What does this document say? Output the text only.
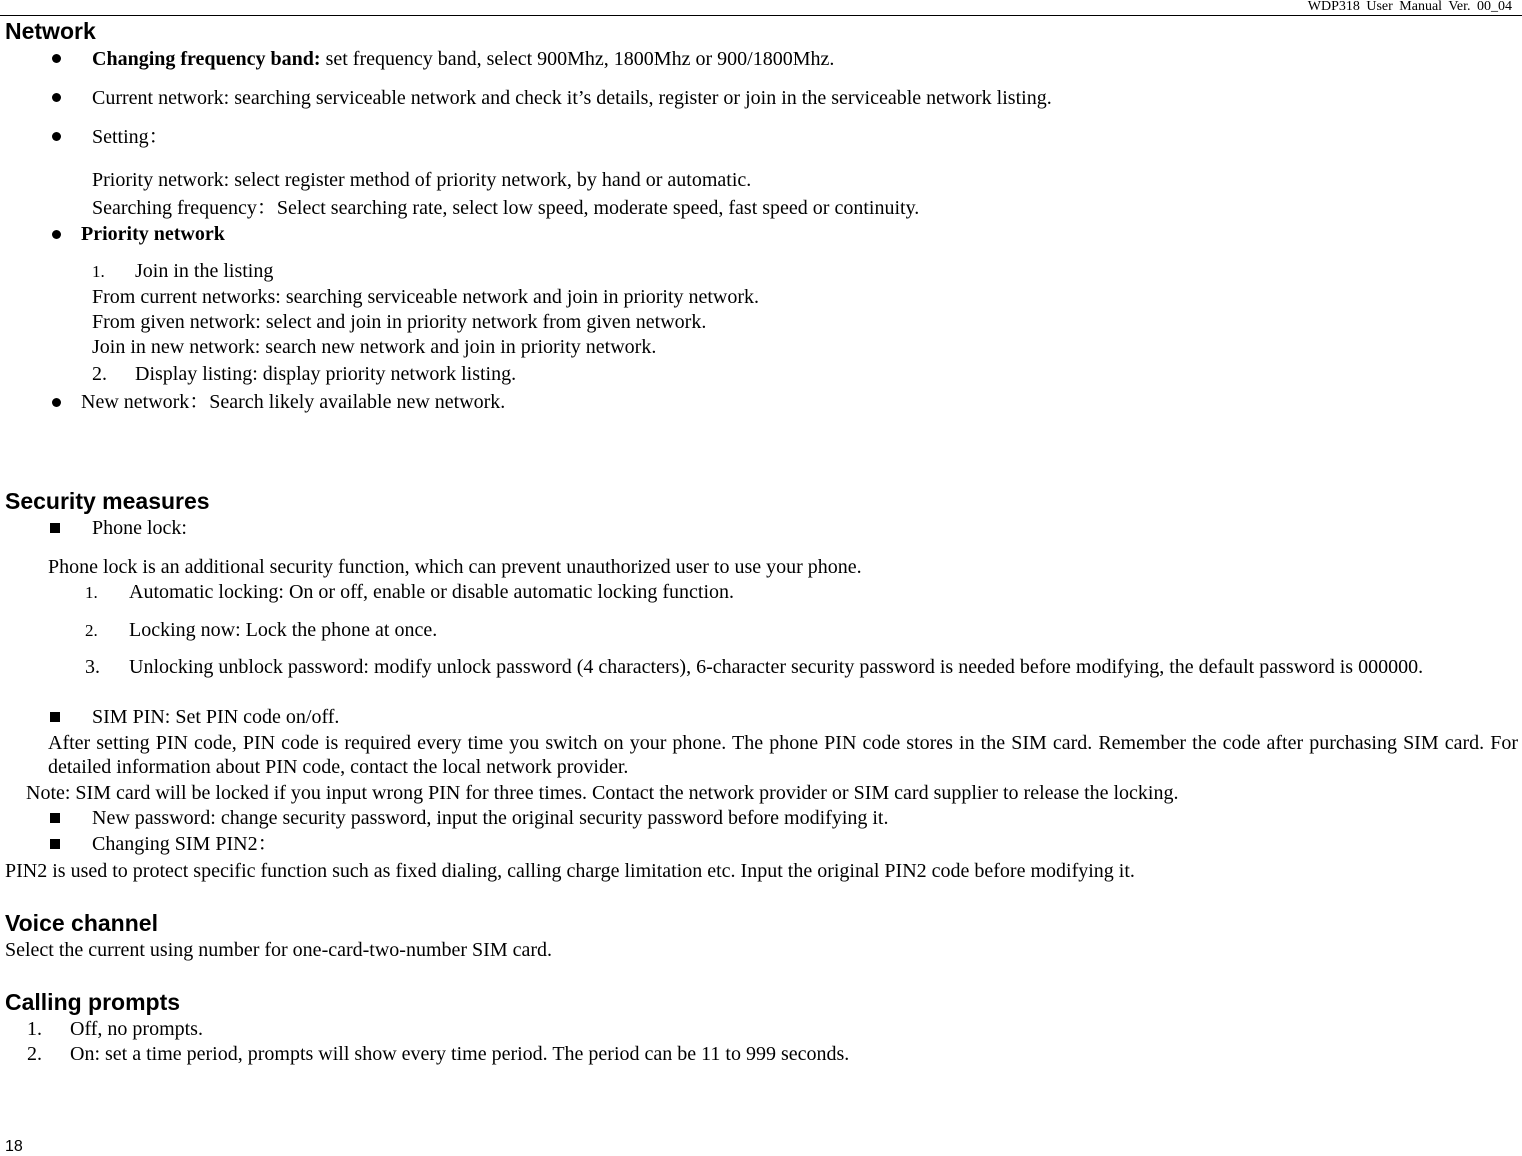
WDP318 User Manual Ver. 00_04
Network
Changing frequency band: set frequency band, select 900Mhz, 1800Mhz or 900/1800Mhz.
Current network: searching serviceable network and check it’s details, register or join in the serviceable network listing.
Setting：
Priority network: select register method of priority network, by hand or automatic.
Searching frequency：Select searching rate, select low speed, moderate speed, fast speed or continuity.
Priority network
1. Join in the listing
From current networks: searching serviceable network and join in priority network.
From given network: select and join in priority network from given network.
Join in new network: search new network and join in priority network.
2. Display listing: display priority network listing.
New network：Search likely available new network.
Security measures
Phone lock:
Phone lock is an additional security function, which can prevent unauthorized user to use your phone.
1. Automatic locking: On or off, enable or disable automatic locking function.
2. Locking now: Lock the phone at once.
3. Unlocking unblock password: modify unlock password (4 characters), 6-character security password is needed before modifying, the default password is 000000.
SIM PIN: Set PIN code on/off.
After setting PIN code, PIN code is required every time you switch on your phone. The phone PIN code stores in the SIM card. Remember the code after purchasing SIM card. For detailed information about PIN code, contact the local network provider.
Note: SIM card will be locked if you input wrong PIN for three times. Contact the network provider or SIM card supplier to release the locking.
New password: change security password, input the original security password before modifying it.
Changing SIM PIN2：
PIN2 is used to protect specific function such as fixed dialing, calling charge limitation etc. Input the original PIN2 code before modifying it.
Voice channel
Select the current using number for one-card-two-number SIM card.
Calling prompts
1. Off, no prompts.
2. On: set a time period, prompts will show every time period. The period can be 11 to 999 seconds.
18
